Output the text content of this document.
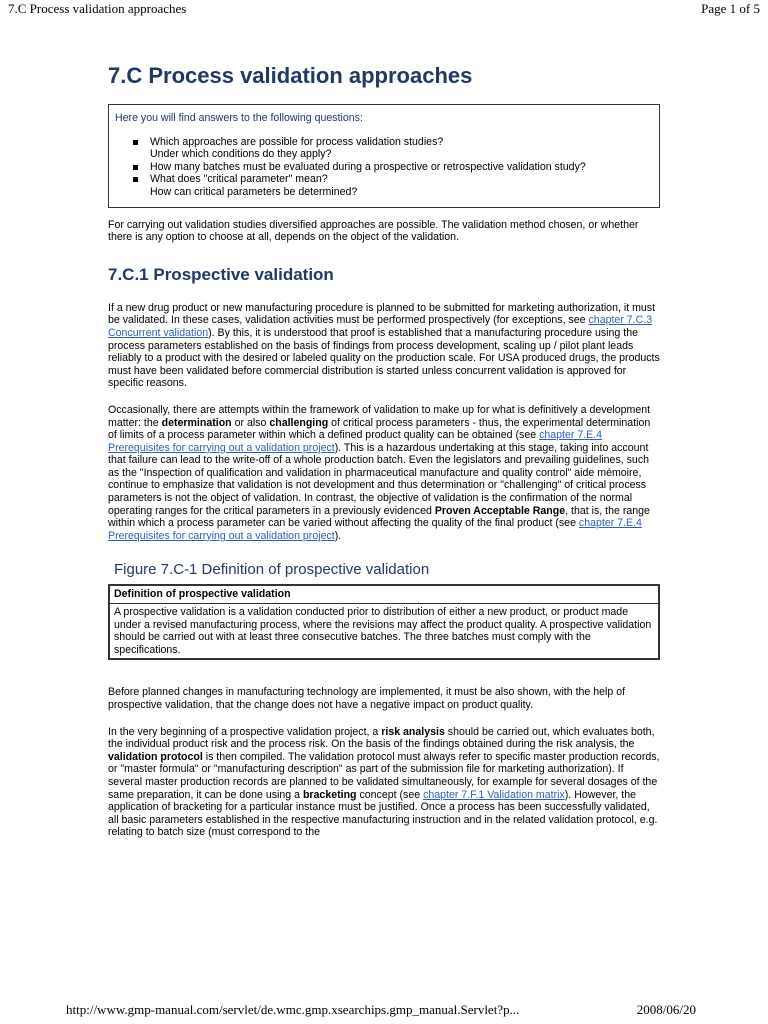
7.C Process validation approaches	Page 1 of 5
7.C Process validation approaches
Here you will find answers to the following questions:
Which approaches are possible for process validation studies?
Under which conditions do they apply?
How many batches must be evaluated during a prospective or retrospective validation study?
What does "critical parameter" mean?
How can critical parameters be determined?

For carrying out validation studies diversified approaches are possible. The validation method chosen, or whether there is any option to choose at all, depends on the object of the validation.

7.C.1 Prospective validation

If a new drug product or new manufacturing procedure is planned to be submitted for marketing authorization, it must be validated. In these cases, validation activities must be performed prospectively (for exceptions, see chapter 7.C.3 Concurrent validation). By this, it is understood that proof is established that a manufacturing procedure using the process parameters established on the basis of findings from process development, scaling up / pilot plant leads reliably to a product with the desired or labeled quality on the production scale. For USA produced drugs, the products must have been validated before commercial distribution is started unless concurrent validation is approved for specific reasons.

Occasionally, there are attempts within the framework of validation to make up for what is definitively a development matter: the determination or also challenging of critical process parameters - thus, the experimental determination of limits of a process parameter within which a defined product quality can be obtained (see chapter 7.E.4 Prerequisites for carrying out a validation project). This is a hazardous undertaking at this stage, taking into account that failure can lead to the write-off of a whole production batch. Even the legislators and prevailing guidelines, such as the "Inspection of qualification and validation in pharmaceutical manufacture and quality control" aide mémoire, continue to emphasize that validation is not development and thus determination or "challenging" of critical process parameters is not the object of validation. In contrast, the objective of validation is the confirmation of the normal operating ranges for the critical parameters in a previously evidenced Proven Acceptable Range, that is, the range within which a process parameter can be varied without affecting the quality of the final product (see chapter 7.E.4 Prerequisites for carrying out a validation project).

Figure 7.C-1 Definition of prospective validation
Definition of prospective validation
A prospective validation is a validation conducted prior to distribution of either a new product, or product made under a revised manufacturing process, where the revisions may affect the product quality. A prospective validation should be carried out with at least three consecutive batches. The three batches must comply with the specifications.

Before planned changes in manufacturing technology are implemented, it must be also shown, with the help of prospective validation, that the change does not have a negative impact on product quality.

In the very beginning of a prospective validation project, a risk analysis should be carried out, which evaluates both, the individual product risk and the process risk. On the basis of the findings obtained during the risk analysis, the validation protocol is then compiled. The validation protocol must always refer to specific master production records, or "master formula" or "manufacturing description" as part of the submission file for marketing authorization). If several master production records are planned to be validated simultaneously, for example for several dosages of the same preparation, it can be done using a bracketing concept (see chapter 7.F.1 Validation matrix). However, the application of bracketing for a particular instance must be justified. Once a process has been successfully validated, all basic parameters established in the respective manufacturing instruction and in the related validation protocol, e.g. relating to batch size (must correspond to the

http://www.gmp-manual.com/servlet/de.wmc.gmp.xsearchips.gmp_manual.Servlet?p...	2008/06/20
